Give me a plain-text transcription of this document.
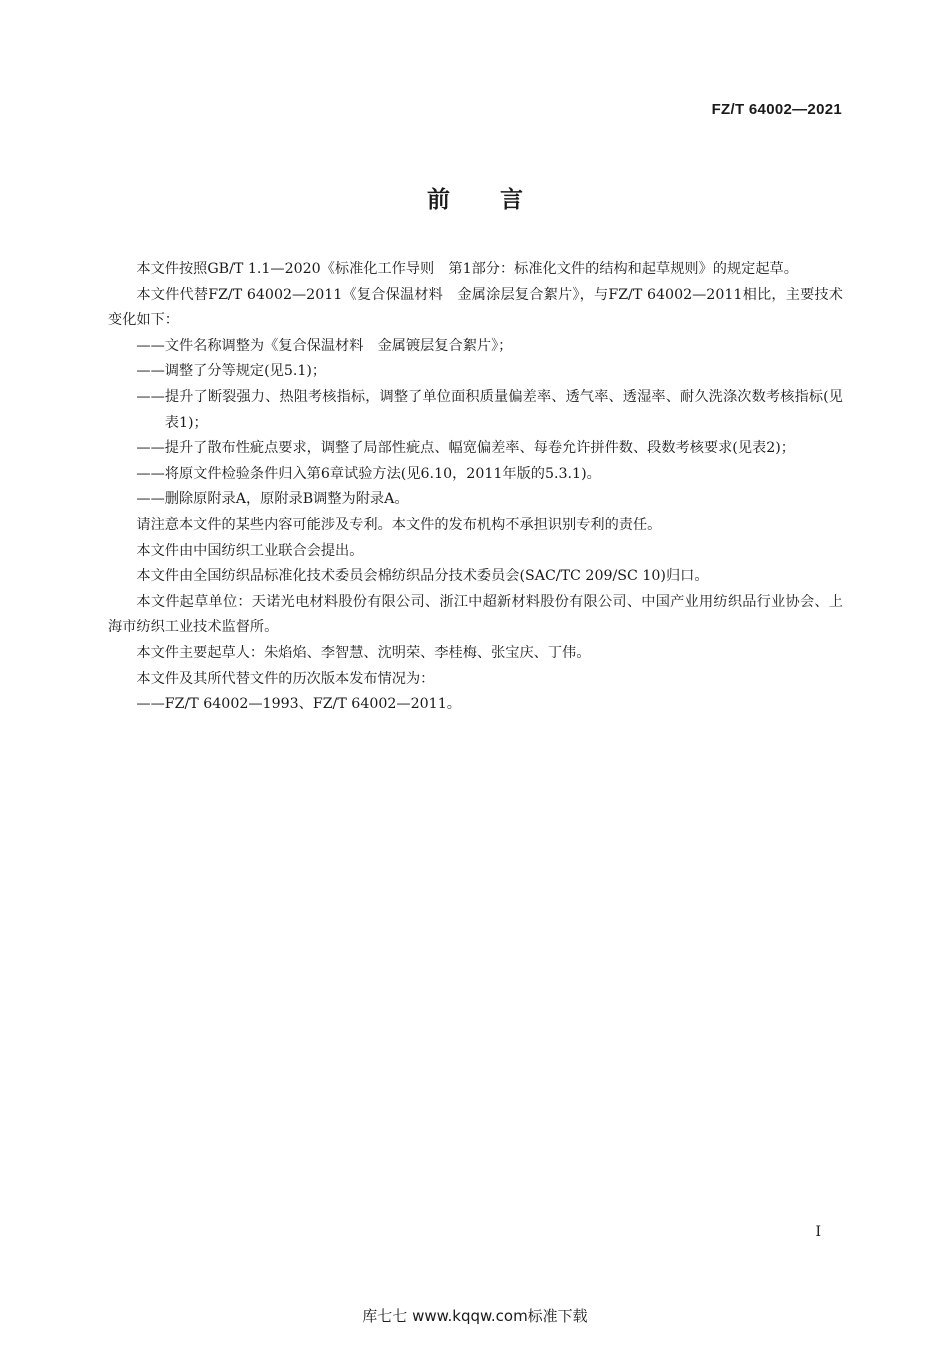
FZ/T 64002—2021
前言

本文件按照GB/T 1.1—2020《标准化工作导则　第1部分：标准化文件的结构和起草规则》的规定起草。

本文件代替FZ/T 64002—2011《复合保温材料　金属涂层复合絮片》，与FZ/T 64002—2011相比，主要技术变化如下：

——文件名称调整为《复合保温材料　金属镀层复合絮片》；

——调整了分等规定(见5.1)；

——提升了断裂强力、热阻考核指标，调整了单位面积质量偏差率、透气率、透湿率、耐久洗涤次数考核指标(见表1)；

——提升了散布性疵点要求，调整了局部性疵点、幅宽偏差率、每卷允许拼件数、段数考核要求(见表2)；

——将原文件检验条件归入第6章试验方法(见6.10，2011年版的5.3.1)。

——删除原附录A，原附录B调整为附录A。

请注意本文件的某些内容可能涉及专利。本文件的发布机构不承担识别专利的责任。

本文件由中国纺织工业联合会提出。

本文件由全国纺织品标准化技术委员会棉纺织品分技术委员会(SAC/TC 209/SC 10)归口。

本文件起草单位：天诺光电材料股份有限公司、浙江中超新材料股份有限公司、中国产业用纺织品行业协会、上海市纺织工业技术监督所。

本文件主要起草人：朱焰焰、李智慧、沈明荣、李桂梅、张宝庆、丁伟。

本文件及其所代替文件的历次版本发布情况为：

——FZ/T 64002—1993、FZ/T 64002—2011。

I
库七七 www.kqqw.com标准下载
